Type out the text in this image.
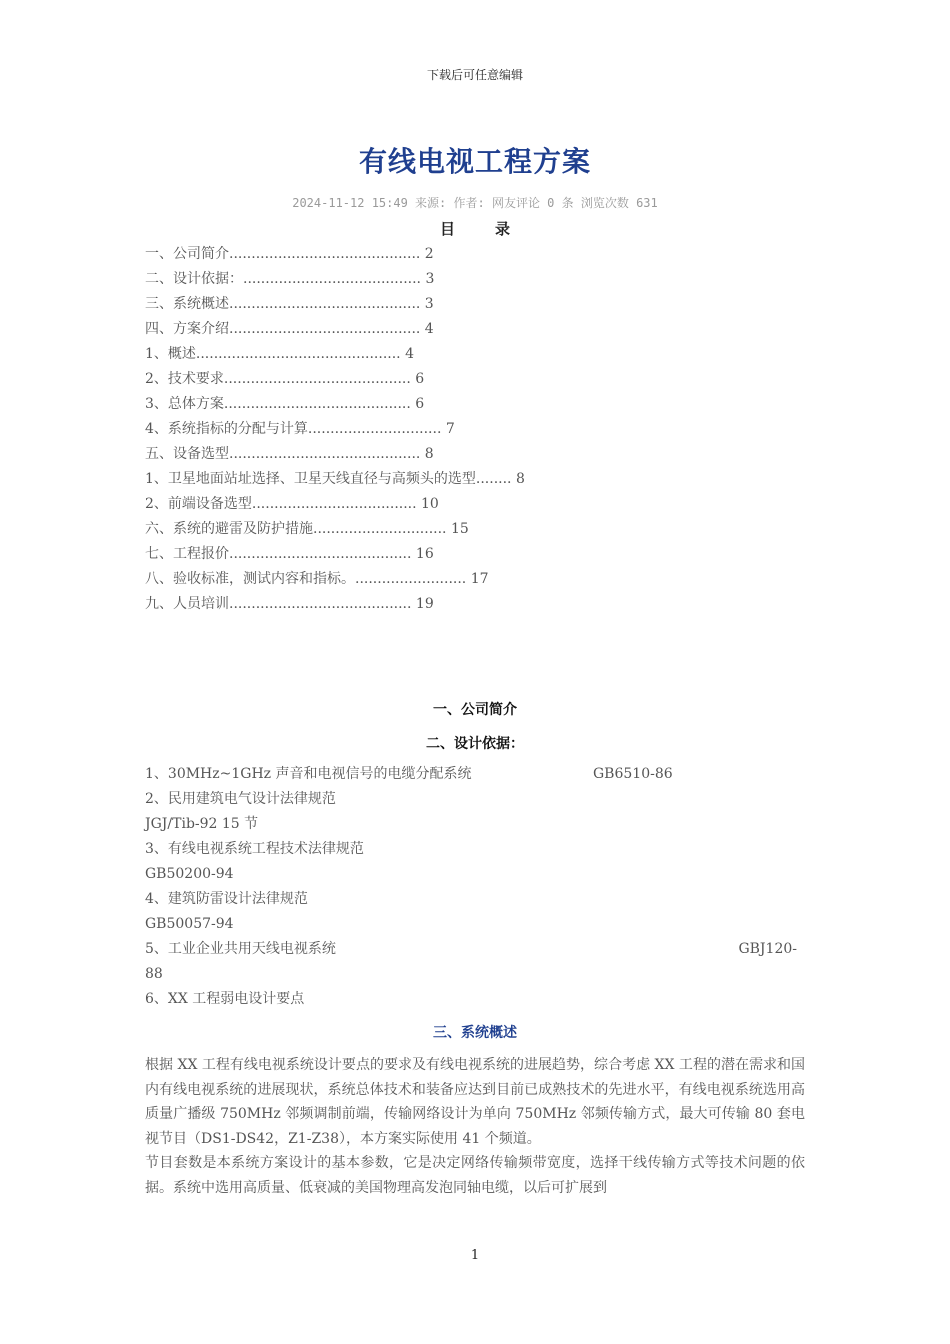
下载后可任意编辑
有线电视工程方案
2024-11-12 15:49 来源: 作者: 网友评论 0 条 浏览次数 631
目录
一、公司简介........................................... 2
二、设计依据：........................................ 3
三、系统概述........................................... 3
四、方案介绍........................................... 4
1、概述.............................................. 4
2、技术要求.......................................... 6
3、总体方案.......................................... 6
4、系统指标的分配与计算.............................. 7
五、设备选型........................................... 8
1、卫星地面站址选择、卫星天线直径与高频头的选型........ 8
2、前端设备选型..................................... 10
六、系统的避雷及防护措施.............................. 15
七、工程报价......................................... 16
八、验收标准，测试内容和指标。......................... 17
九、人员培训......................................... 19
一、公司简介
二、设计依据：
1、30MHz~1GHz 声音和电视信号的电缆分配系统	GB6510-86
2、民用建筑电气设计法律规范
JGJ/Tib-92 15 节
3、有线电视系统工程技术法律规范
GB50200-94
4、建筑防雷设计法律规范
GB50057-94
5、工业企业共用天线电视系统	GBJ120-
88
6、XX 工程弱电设计要点
三、系统概述
根据 XX 工程有线电视系统设计要点的要求及有线电视系统的进展趋势，综合考虑 XX 工程的潜在需求和国内有线电视系统的进展现状，系统总体技术和装备应达到目前已成熟技术的先进水平，有线电视系统选用高质量广播级 750MHz 邻频调制前端，传输网络设计为单向 750MHz 邻频传输方式，最大可传输 80 套电视节目（DS1-DS42，Z1-Z38），本方案实际使用 41 个频道。
节目套数是本系统方案设计的基本参数，它是决定网络传输频带宽度，选择干线传输方式等技术问题的依据。系统中选用高质量、低衰减的美国物理高发泡同轴电缆，以后可扩展到
1
